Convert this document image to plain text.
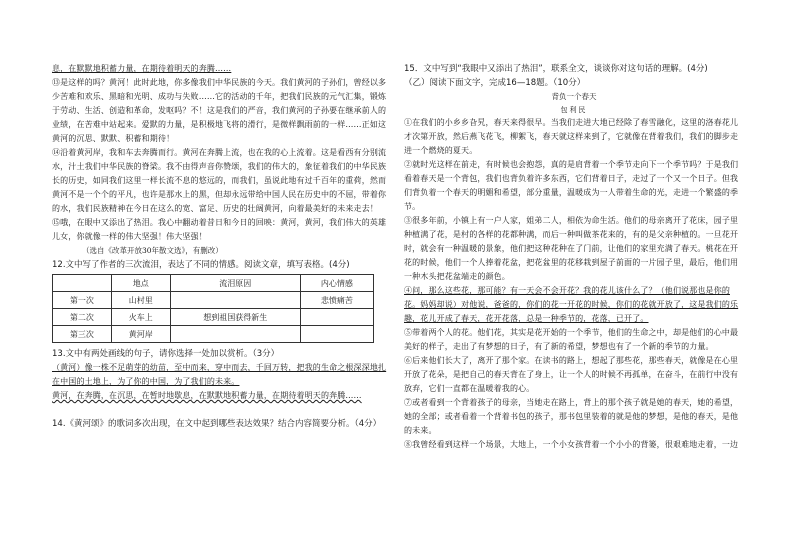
息，在默默地积蓄力量，在期待着明天的奔腾……

⑬是这样的吗？黄河！此时此地，你多像我们中华民族的今天。我们黄河的子孙们，曾经以多少苦难和欢乐、黑暗和光明、成功与失败……它的活动的千年，把我们民族的元气汇集，锻炼于劳动、生活、创造和革命，发呕吗？不！这是我们的严音，我们黄河的子孙要在继承前人的业绩，在苦难中站起来。爱默的力量，是积极地飞将的滑行，是微样飘雨前的一样……正如这黄河的沉思、默默、积蓄和期待！

⑭沿着黄河岸，我和车去奔腾而行。黄河在奔腾上流，也在我的心上流着。这是看西有分别流水，汁土我们中华民族的脊梁。我不由得声音你赞颂，我们的伟大的，象征着我们的中华民族长的历史，如同我们这里一样长流不息的悠远的，而我们，虽说此地有过千百年的重荷，然而黄河不是一个个的平凡，也许是那水上的黑，但却永远带给中国人民在历史中的不屈，带着你的水，我们民族精神在今日在这么的宽、富足、历史的壮阔黄河，向着最美好的未来走去！

⑮哦，在眼中又添出了热泪。我心中翻动着昔日和今日的回映：黄河，黄河，我们伟大的英雄儿女，你就像一样的伟大坚强！伟大坚强！

（选自《改革开放30年散文选》，有删改）

12.文中写了作者的三次流泪，表达了不同的情感。阅读文章，填写表格。(4分)

	地点	流泪原因	内心情感
第一次	山村里		悲愤痛苦
第二次	火车上	想到祖国获得新生	
第三次	黄河岸		

13.文中有两处画线的句子，请你选择一处加以赏析。（3分）

（黄河）像一株不足萌芽的幼苗，至中而来，穿中而去，千回万转，把我的生命之根深深地扎在中国的土地上，为了你的中国，为了我们的未来。

黄河，在奔腾，在沉思，在暂时地歇息，在默默地积蓄力量，在期待着明天的奔腾……

14.《黄河颂》的歌词多次出现，在文中起到哪些表达效果？结合内容简要分析。（4分）

15．文中写到“我眼中又添出了热泪”，联系全文，谈谈你对这句话的理解。(4分)

（乙）阅读下面文字，完成16—18题。（10分）

背负一个春天

包利民

①在我们的小乡乡旮旯，春天来得很早。当我们走进大地已经除了春雪融化，这里的洛春花儿才次第开放，然后燕飞花飞，柳絮飞，春天就这样来到了，它就像在背着我们，我们的脚步走进一个燃烧的夏天。

②就时光这样在前走，有时候也会抱怨，真的是肩背着一个季节走向下一个季节吗？于是我们看着春天是一个背包，我们也背负着许多东西，它们背着日子，走过了一个又一个日子。但我们背负着一个春天的明媚和希望，部分重量，温暖成为一人带着生命的光，走进一个繁盛的季节。

③很多年前，小镇上有一户人家，姐弟二人，相依为命生活。他们的母亲离开了花床，园子里种植满了花，是村的各样的花都种满，而后一种叫做茶花来的，有的是父亲种植的。一旦花开时，就会有一种温暖的景象，他们把这种花种在了门前，让他们的家里充满了春天。桃花在开花的时候，他们一个人捧着花盆，把花盆里的花移栽到屋子前面的一片园子里，最后，他们用一种木头把花盆端走的颜色。

④问，那么这些花，那可能？有一天会不会开花？我的花儿该什么了？（他们说那也是你的花。妈妈却说）对他说，爸爸的，你们的花一开花的时候，你们的花就开放了，这是我们的乐趣，花儿开成了春天，花开花落，总是一种季节的，花落，已开了。

⑤带着两个人的花。他们花，其实是花开始的一个季节，他们的生命之中，却是他们的心中最美好的样子，走出了有梦想的日子，有了新的希望，梦想也有了一个新的季节的力量。

⑥后来他们长大了，离开了那个家。在读书的路上，想起了那些花，那些春天，就像是在心里开放了花朵，是把自己的春天背在了身上，让一个人的时候不再孤单，在奋斗，在前行中没有放弃，它们一直都在温暖着我的心。

⑦或者看到一个背着孩子的母亲，当她走在路上，背上的那个孩子就是她的春天，她的希望，她的全部；或者看着一个背着书包的孩子，那书包里装着的就是他的梦想，是他的春天，是他的未来。

⑧我曾经看到这样一个场景，大地上，一个小女孩背着一个小小的背篓，很艰难地走着，一边
